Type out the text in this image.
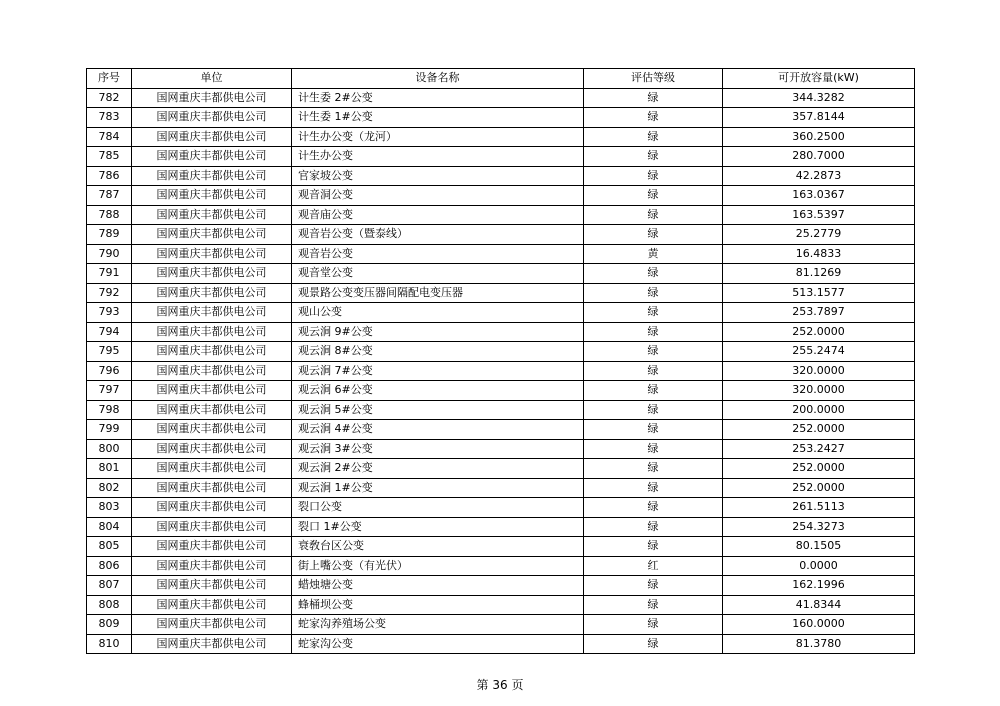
序号	单位	设备名称	评估等级	可开放容量(kW)
782	国网重庆丰都供电公司	计生委 2#公变	绿	344.3282
783	国网重庆丰都供电公司	计生委 1#公变	绿	357.8144
784	国网重庆丰都供电公司	计生办公变（龙河）	绿	360.2500
785	国网重庆丰都供电公司	计生办公变	绿	280.7000
786	国网重庆丰都供电公司	官家坡公变	绿	42.2873
787	国网重庆丰都供电公司	观音洞公变	绿	163.0367
788	国网重庆丰都供电公司	观音庙公变	绿	163.5397
789	国网重庆丰都供电公司	观音岩公变（暨泰线）	绿	25.2779
790	国网重庆丰都供电公司	观音岩公变	黄	16.4833
791	国网重庆丰都供电公司	观音堂公变	绿	81.1269
792	国网重庆丰都供电公司	观景路公变变压器间隔配电变压器	绿	513.1577
793	国网重庆丰都供电公司	观山公变	绿	253.7897
794	国网重庆丰都供电公司	观云涧 9#公变	绿	252.0000
795	国网重庆丰都供电公司	观云涧 8#公变	绿	255.2474
796	国网重庆丰都供电公司	观云涧 7#公变	绿	320.0000
797	国网重庆丰都供电公司	观云涧 6#公变	绿	320.0000
798	国网重庆丰都供电公司	观云涧 5#公变	绿	200.0000
799	国网重庆丰都供电公司	观云涧 4#公变	绿	252.0000
800	国网重庆丰都供电公司	观云涧 3#公变	绿	253.2427
801	国网重庆丰都供电公司	观云涧 2#公变	绿	252.0000
802	国网重庆丰都供电公司	观云涧 1#公变	绿	252.0000
803	国网重庆丰都供电公司	裂口公变	绿	261.5113
804	国网重庆丰都供电公司	裂口 1#公变	绿	254.3273
805	国网重庆丰都供电公司	衰敎台区公变	绿	80.1505
806	国网重庆丰都供电公司	街上嘴公变（有光伏）	红	0.0000
807	国网重庆丰都供电公司	蜡烛塘公变	绿	162.1996
808	国网重庆丰都供电公司	蜂桶坝公变	绿	41.8344
809	国网重庆丰都供电公司	蛇家沟养殖场公变	绿	160.0000
810	国网重庆丰都供电公司	蛇家沟公变	绿	81.3780
第 36 页
